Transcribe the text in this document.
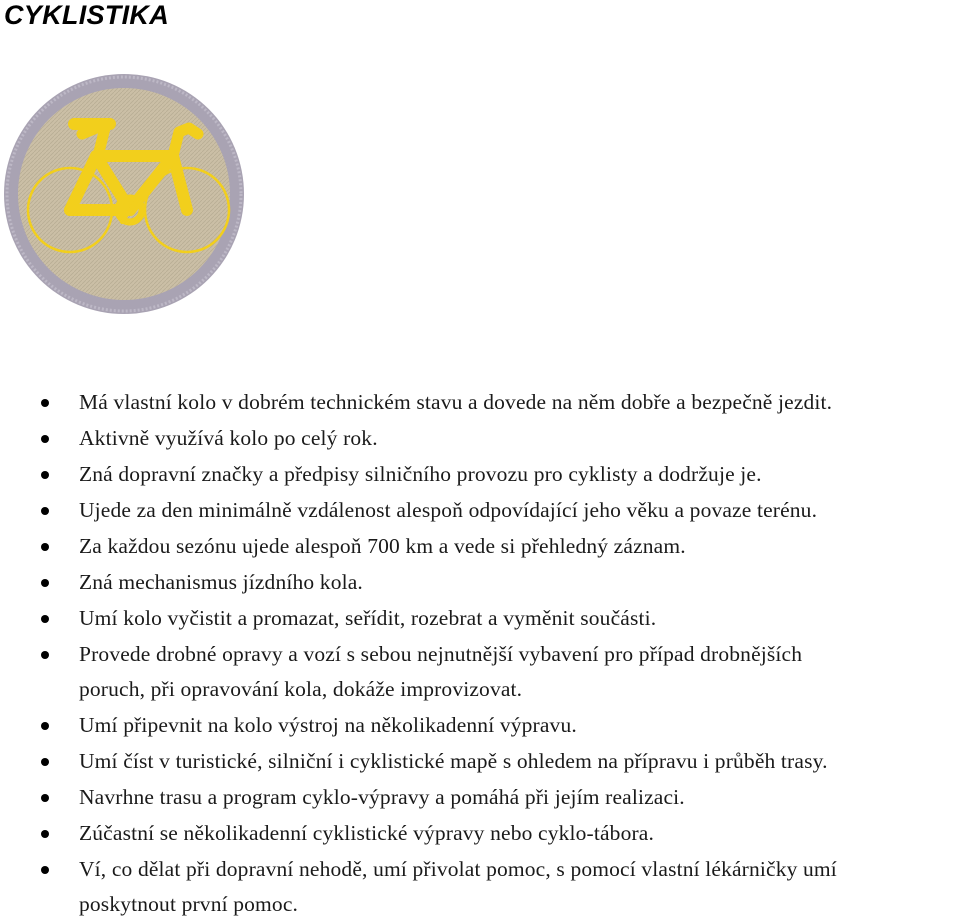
CYKLISTIKA
Má vlastní kolo v dobrém technickém stavu a dovede na něm dobře a bezpečně jezdit.
Aktivně využívá kolo po celý rok.
Zná dopravní značky a předpisy silničního provozu pro cyklisty a dodržuje je.
Ujede za den minimálně vzdálenost alespoň odpovídající jeho věku a povaze terénu.
Za každou sezónu ujede alespoň 700 km a vede si přehledný záznam.
Zná mechanismus jízdního kola.
Umí kolo vyčistit a promazat, seřídit, rozebrat a vyměnit součásti.
Provede drobné opravy a vozí s sebou nejnutnější vybavení pro případ drobnějších
poruch, při opravování kola, dokáže improvizovat.
Umí připevnit na kolo výstroj na několikadenní výpravu.
Umí číst v turistické, silniční i cyklistické mapě s ohledem na přípravu i průběh trasy.
Navrhne trasu a program cyklo-výpravy a pomáhá při jejím realizaci.
Zúčastní se několikadenní cyklistické výpravy nebo cyklo-tábora.
Ví, co dělat při dopravní nehodě, umí přivolat pomoc, s pomocí vlastní lékárničky umí
poskytnout první pomoc.
